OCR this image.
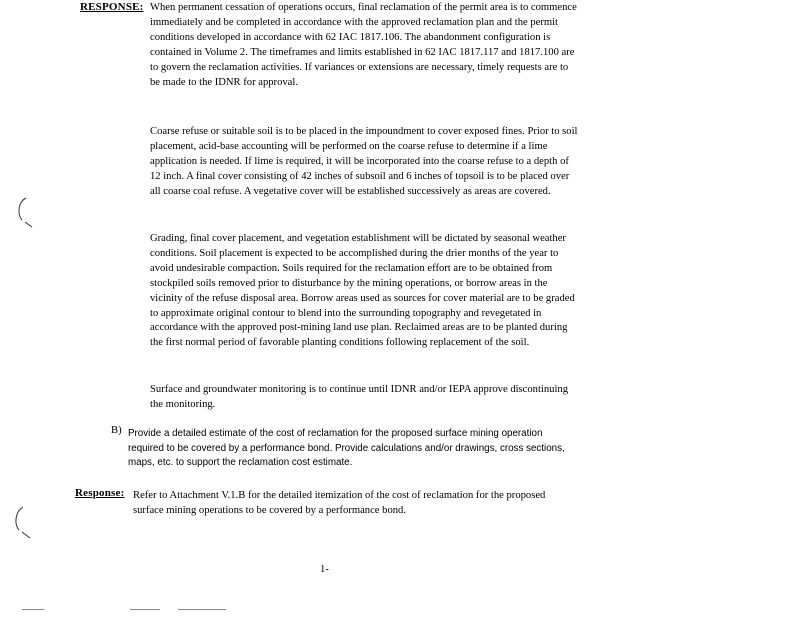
RESPONSE: When permanent cessation of operations occurs, final reclamation of the permit area is to commence immediately and be completed in accordance with the approved reclamation plan and the permit conditions developed in accordance with 62 IAC 1817.106. The abandonment configuration is contained in Volume 2. The timeframes and limits established in 62 IAC 1817.117 and 1817.100 are to govern the reclamation activities. If variances or extensions are necessary, timely requests are to be made to the IDNR for approval.
Coarse refuse or suitable soil is to be placed in the impoundment to cover exposed fines. Prior to soil placement, acid-base accounting will be performed on the coarse refuse to determine if a lime application is needed. If lime is required, it will be incorporated into the coarse refuse to a depth of 12 inch. A final cover consisting of 42 inches of subsoil and 6 inches of topsoil is to be placed over all coarse coal refuse. A vegetative cover will be established successively as areas are covered.
Grading, final cover placement, and vegetation establishment will be dictated by seasonal weather conditions. Soil placement is expected to be accomplished during the drier months of the year to avoid undesirable compaction. Soils required for the reclamation effort are to be obtained from stockpiled soils removed prior to disturbance by the mining operations, or borrow areas in the vicinity of the refuse disposal area. Borrow areas used as sources for cover material are to be graded to approximate original contour to blend into the surrounding topography and revegetated in accordance with the approved post-mining land use plan. Reclaimed areas are to be planted during the first normal period of favorable planting conditions following replacement of the soil.
Surface and groundwater monitoring is to continue until IDNR and/or IEPA approve discontinuing the monitoring.
B) Provide a detailed estimate of the cost of reclamation for the proposed surface mining operation required to be covered by a performance bond. Provide calculations and/or drawings, cross sections, maps, etc. to support the reclamation cost estimate.
Response: Refer to Attachment V.1.B for the detailed itemization of the cost of reclamation for the proposed surface mining operations to be covered by a performance bond.
1-
